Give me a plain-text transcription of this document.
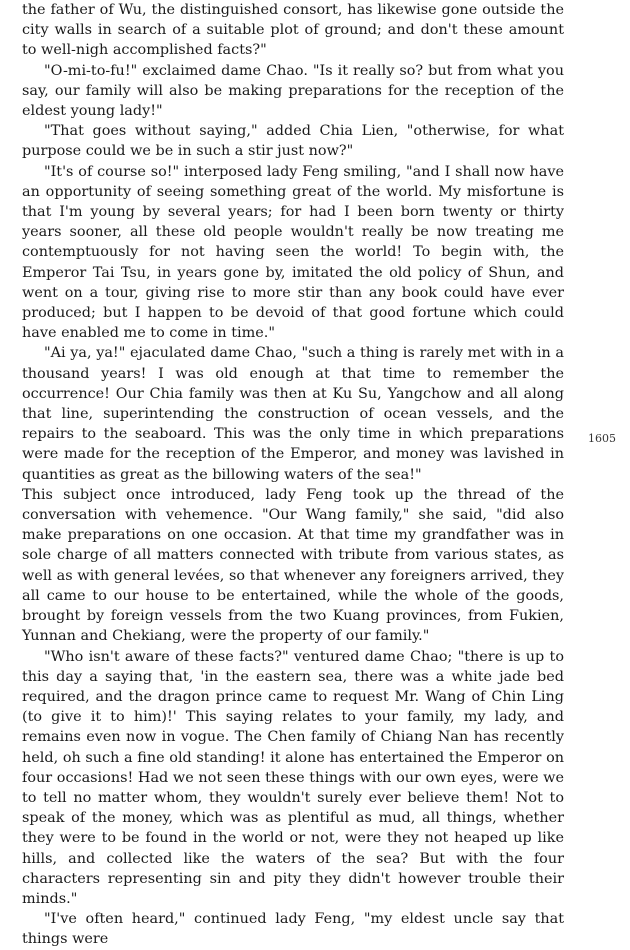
the father of Wu, the distinguished consort, has likewise gone outside the city walls in search of a suitable plot of ground; and don't these amount to well-nigh accomplished facts?"

"O-mi-to-fu!" exclaimed dame Chao. "Is it really so? but from what you say, our family will also be making preparations for the reception of the eldest young lady!"

"That goes without saying," added Chia Lien, "otherwise, for what purpose could we be in such a stir just now?"

"It's of course so!" interposed lady Feng smiling, "and I shall now have an opportunity of seeing something great of the world. My misfortune is that I'm young by several years; for had I been born twenty or thirty years sooner, all these old people wouldn't really be now treating me contemptuously for not having seen the world! To begin with, the Emperor Tai Tsu, in years gone by, imitated the old policy of Shun, and went on a tour, giving rise to more stir than any book could have ever produced; but I happen to be devoid of that good fortune which could have enabled me to come in time."

"Ai ya, ya!" ejaculated dame Chao, "such a thing is rarely met with in a thousand years! I was old enough at that time to remember the occurrence! Our Chia family was then at Ku Su, Yangchow and all along that line, superintending the construction of ocean vessels, and the repairs to the seaboard. This was the only time in which preparations were made for the reception of the Emperor, and money was lavished in quantities as great as the billowing waters of the sea!"

This subject once introduced, lady Feng took up the thread of the conversation with vehemence. "Our Wang family," she said, "did also make preparations on one occasion. At that time my grandfather was in sole charge of all matters connected with tribute from various states, as well as with general levées, so that whenever any foreigners arrived, they all came to our house to be entertained, while the whole of the goods, brought by foreign vessels from the two Kuang provinces, from Fukien, Yunnan and Chekiang, were the property of our family."

"Who isn't aware of these facts?" ventured dame Chao; "there is up to this day a saying that, 'in the eastern sea, there was a white jade bed required, and the dragon prince came to request Mr. Wang of Chin Ling (to give it to him)!' This saying relates to your family, my lady, and remains even now in vogue. The Chen family of Chiang Nan has recently held, oh such a fine old standing! it alone has entertained the Emperor on four occasions! Had we not seen these things with our own eyes, were we to tell no matter whom, they wouldn't surely ever believe them! Not to speak of the money, which was as plentiful as mud, all things, whether they were to be found in the world or not, were they not heaped up like hills, and collected like the waters of the sea? But with the four characters representing sin and pity they didn't however trouble their minds."

"I've often heard," continued lady Feng, "my eldest uncle say that things were

1605
